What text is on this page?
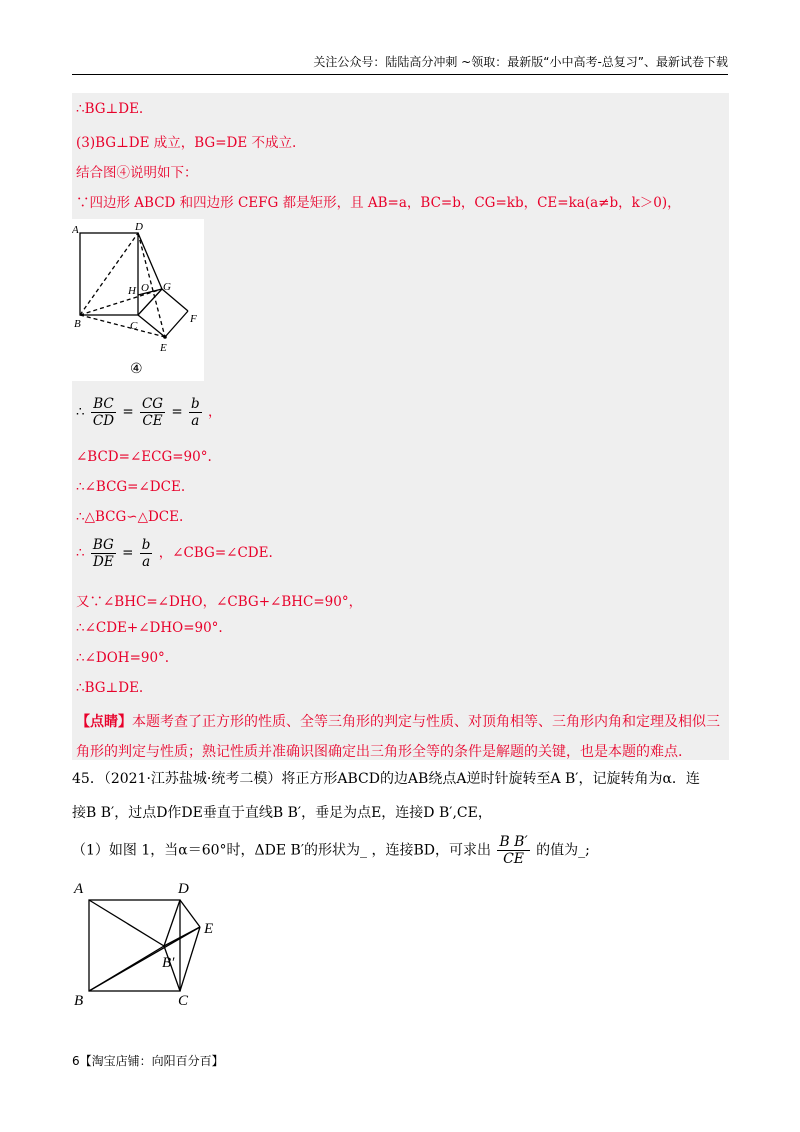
关注公众号：陆陆高分冲刺 ~领取：最新版“小中高考-总复习”、最新试卷下载
∴BG⊥DE.
(3)BG⊥DE 成立，BG=DE 不成立.
结合图④说明如下：
∵四边形 ABCD 和四边形 CEFG 都是矩形，且 AB=a，BC=b，CG=kb，CE=ka(a≠b，k＞0)，
A	D
H O G
F
B	C
E
④
∴ $\frac{BC}{CD} = \frac{CG}{CE} = \frac{b}{a}$ ，
∠BCD=∠ECG=90°.
∴∠BCG=∠DCE.
∴△BCG∽△DCE.
∴ $\frac{BG}{DE} = \frac{b}{a}$ ，∠CBG=∠CDE.
又∵∠BHC=∠DHO，∠CBG+∠BHC=90°，
∴∠CDE+∠DHO=90°.
∴∠DOH=90°.
∴BG⊥DE.
【点睛】本题考查了正方形的性质、全等三角形的判定与性质、对顶角相等、三角形内角和定理及相似三
角形的判定与性质；熟记性质并准确识图确定出三角形全等的条件是解题的关键，也是本题的难点.
45．（2021·江苏盐城·统考二模）将正方形ABCD的边AB绕点A逆时针旋转至A B′，记旋转角为α．连
接B B′，过点D作DE垂直于直线B B′，垂足为点E，连接D B′,CE，
（1）如图 1，当α＝60°时，ΔDE B′的形状为_ ，连接BD，可求出 $\frac{\text{B B′}}{CE}$ 的值为_;
A	D
E
B′
B	C
6【淘宝店铺：向阳百分百】
